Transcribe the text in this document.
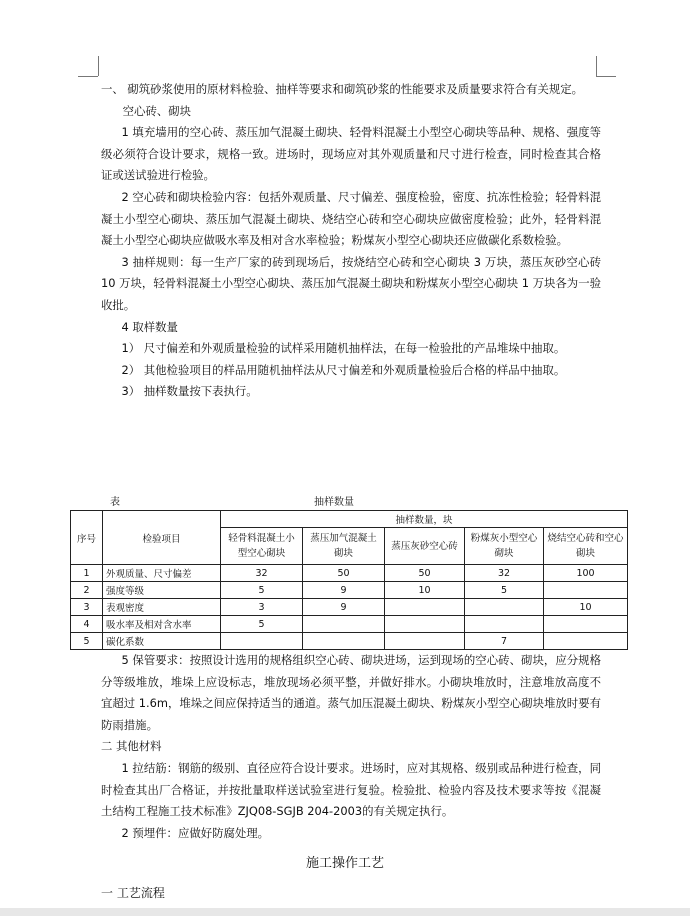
一、 砌筑砂浆使用的原材料检验、抽样等要求和砌筑砂浆的性能要求及质量要求符合有关规定。

空心砖、砌块

1 填充墙用的空心砖、蒸压加气混凝土砌块、轻骨料混凝土小型空心砌块等品种、规格、强度等级必须符合设计要求，规格一致。进场时，现场应对其外观质量和尺寸进行检查，同时检查其合格证或送试验进行检验。

2 空心砖和砌块检验内容：包括外观质量、尺寸偏差、强度检验，密度、抗冻性检验；轻骨料混凝土小型空心砌块、蒸压加气混凝土砌块、烧结空心砖和空心砌块应做密度检验；此外，轻骨料混凝土小型空心砌块应做吸水率及相对含水率检验；粉煤灰小型空心砌块还应做碳化系数检验。

3 抽样规则：每一生产厂家的砖到现场后，按烧结空心砖和空心砌块 3 万块，蒸压灰砂空心砖 10 万块，轻骨料混凝土小型空心砌块、蒸压加气混凝土砌块和粉煤灰小型空心砌块 1 万块各为一验收批。

4 取样数量

1） 尺寸偏差和外观质量检验的试样采用随机抽样法，在每一检验批的产品堆垛中抽取。

2） 其他检验项目的样品用随机抽样法从尺寸偏差和外观质量检验后合格的样品中抽取。

3） 抽样数量按下表执行。

表	抽样数量
序号	检验项目	抽样数量，块				
		轻骨料混凝土小型空心砌块	蒸压加气混凝土砌块	蒸压灰砂空心砖	粉煤灰小型空心砌块	烧结空心砖和空心砌块
1	外观质量、尺寸偏差	32	50	50	32	100
2	强度等级	5	9	10	5	
3	表观密度	3	9			10
4	吸水率及相对含水率	5				
5	碳化系数				7	

5 保管要求：按照设计选用的规格组织空心砖、砌块进场，运到现场的空心砖、砌块，应分规格分等级堆放，堆垛上应设标志，堆放现场必须平整，并做好排水。小砌块堆放时，注意堆放高度不宜超过 1.6m，堆垛之间应保持适当的通道。蒸气加压混凝土砌块、粉煤灰小型空心砌块堆放时要有防雨措施。

二 其他材料

1 拉结筋：钢筋的级别、直径应符合设计要求。进场时，应对其规格、级别或品种进行检查，同时检查其出厂合格证，并按批量取样送试验室进行复验。检验批、检验内容及技术要求等按《混凝土结构工程施工技术标准》ZJQ08-SGJB 204-2003的有关规定执行。

2 预埋件：应做好防腐处理。

施工操作工艺
一 工艺流程
